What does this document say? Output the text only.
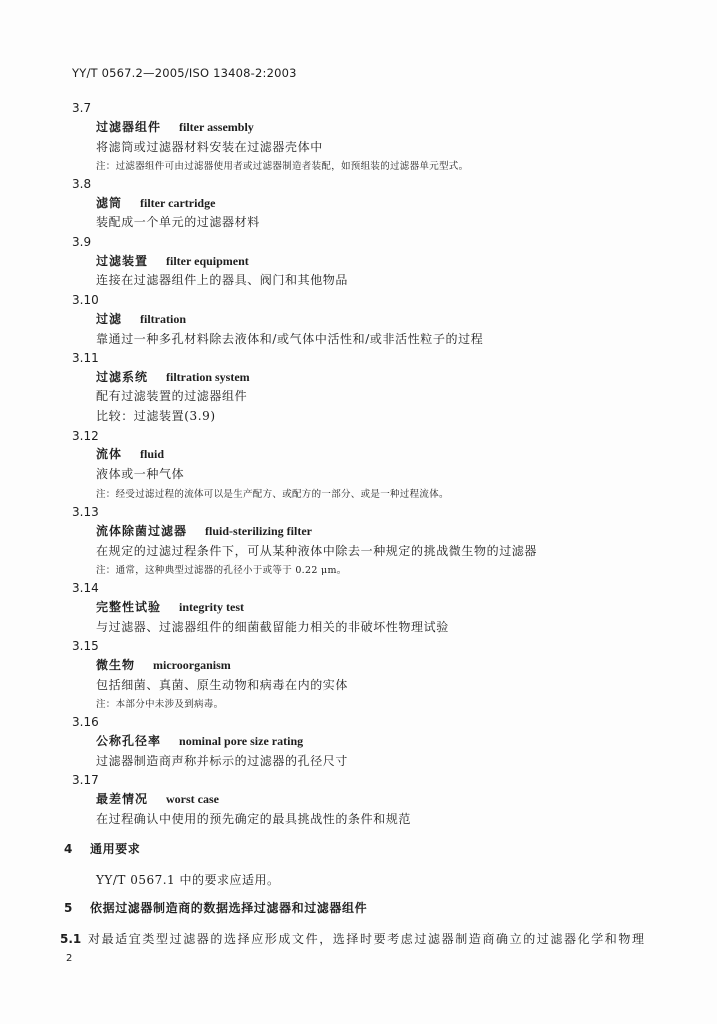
YY/T 0567.2—2005/ISO 13408-2:2003
3.7
过滤器组件 filter assembly
将滤筒或过滤器材料安装在过滤器壳体中
注：过滤器组件可由过滤器使用者或过滤器制造者装配，如预组装的过滤器单元型式。
3.8
滤筒 filter cartridge
装配成一个单元的过滤器材料
3.9
过滤装置 filter equipment
连接在过滤器组件上的器具、阀门和其他物品
3.10
过滤 filtration
靠通过一种多孔材料除去液体和/或气体中活性和/或非活性粒子的过程
3.11
过滤系统 filtration system
配有过滤装置的过滤器组件
比较：过滤装置(3.9)
3.12
流体 fluid
液体或一种气体
注：经受过滤过程的流体可以是生产配方、或配方的一部分、或是一种过程流体。
3.13
流体除菌过滤器 fluid-sterilizing filter
在规定的过滤过程条件下，可从某种液体中除去一种规定的挑战微生物的过滤器
注：通常，这种典型过滤器的孔径小于或等于 0.22 μm。
3.14
完整性试验 integrity test
与过滤器、过滤器组件的细菌截留能力相关的非破坏性物理试验
3.15
微生物 microorganism
包括细菌、真菌、原生动物和病毒在内的实体
注：本部分中未涉及到病毒。
3.16
公称孔径率 nominal pore size rating
过滤器制造商声称并标示的过滤器的孔径尺寸
3.17
最差情况 worst case
在过程确认中使用的预先确定的最具挑战性的条件和规范
4 通用要求
YY/T 0567.1 中的要求应适用。
5 依据过滤器制造商的数据选择过滤器和过滤器组件
5.1 对最适宜类型过滤器的选择应形成文件，选择时要考虑过滤器制造商确立的过滤器化学和物理
2
